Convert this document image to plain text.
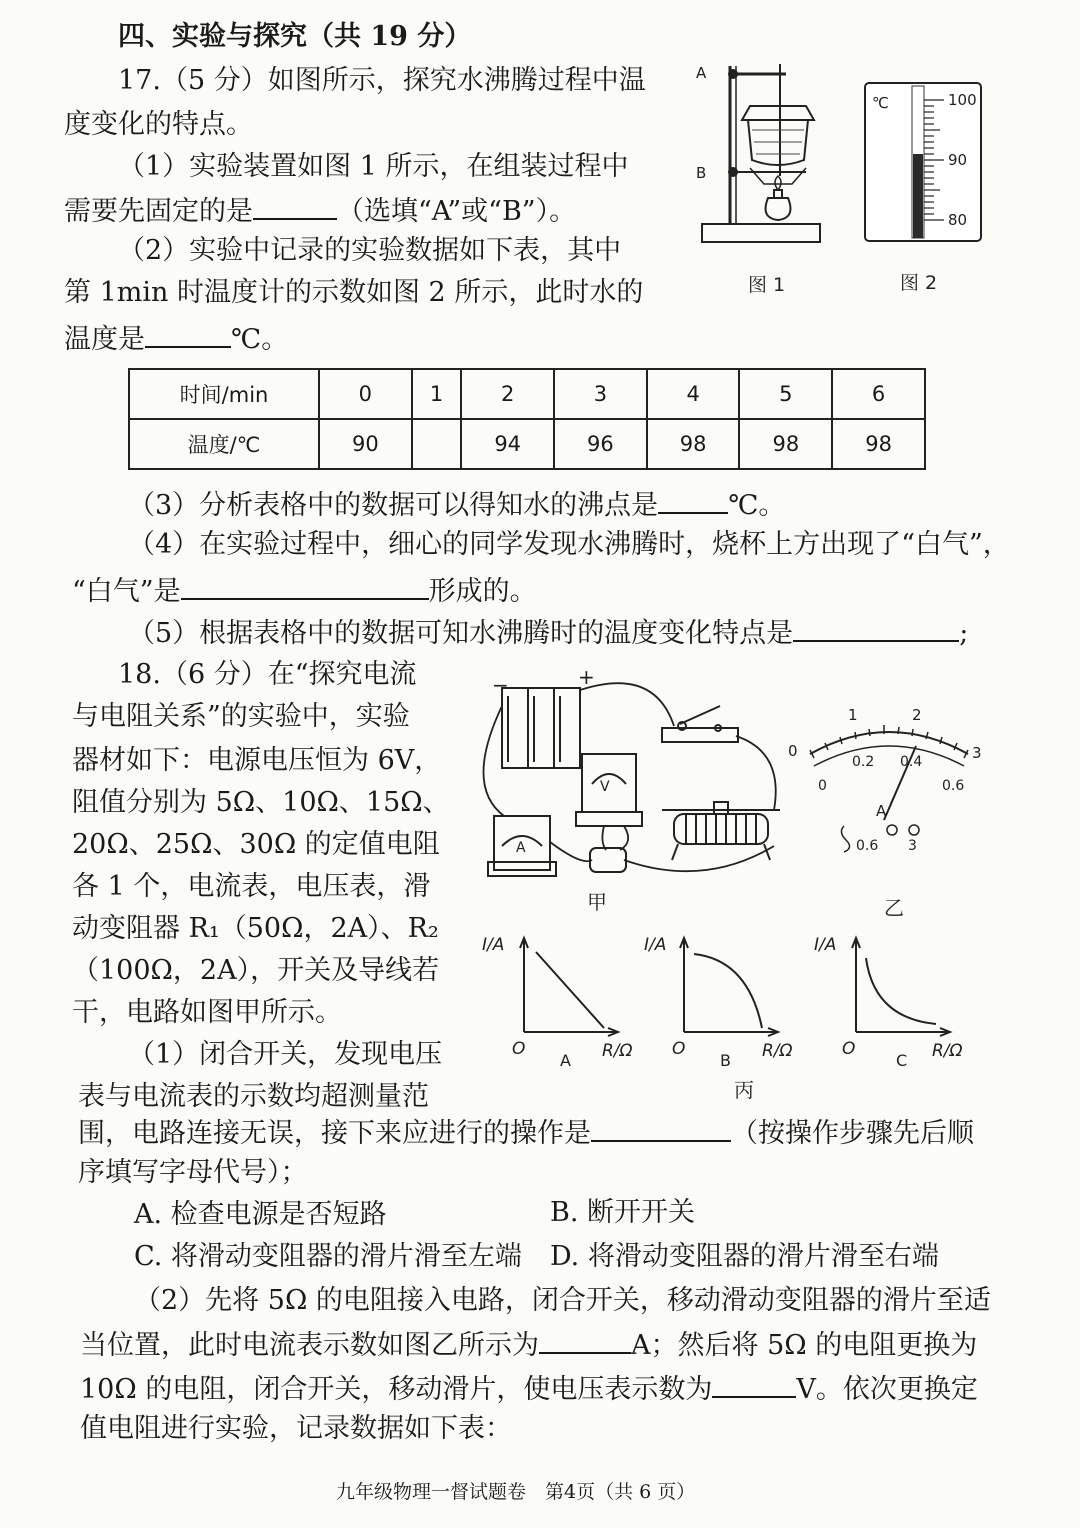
四、实验与探究（共 19 分）
17.（5 分）如图所示，探究水沸腾过程中温
度变化的特点。
（1）实验装置如图 1 所示，在组装过程中
需要先固定的是	（选填“A”或“B”）。
（2）实验中记录的实验数据如下表，其中
第 1min 时温度计的示数如图 2 所示，此时水的
温度是	℃。
A
B
图 1
℃	100
90
80
图 2
时间/min	0	1	2	3	4	5	6
温度/℃	90		94	96	98	98	98
（3）分析表格中的数据可以得知水的沸点是	℃。
（4）在实验过程中，细心的同学发现水沸腾时，烧杯上方出现了“白气”，
“白气”是	形成的。
（5）根据表格中的数据可知水沸腾时的温度变化特点是	;
18.（6 分）在“探究电流
与电阻关系”的实验中，实验
器材如下：电源电压恒为 6V，
阻值分别为 5Ω、10Ω、15Ω、
20Ω、25Ω、30Ω 的定值电阻
各 1 个，电流表，电压表，滑
动变阻器 R₁（50Ω，2A）、R₂
（100Ω，2A），开关及导线若
干，电路如图甲所示。
（1）闭合开关，发现电压
表与电流表的示数均超测量范
−	+
V
A
甲
0
1	2
3
0
0.2 0.4
0.6
A
0.6 3
乙
I/A
O	R/Ω
A
I/A
O	R/Ω
B
I/A
O	R/Ω
C
丙
围，电路连接无误，接下来应进行的操作是	（按操作步骤先后顺
序填写字母代号）；
A. 检查电源是否短路	B. 断开开关
C. 将滑动变阻器的滑片滑至左端 D. 将滑动变阻器的滑片滑至右端
（2）先将 5Ω 的电阻接入电路，闭合开关，移动滑动变阻器的滑片至适
当位置，此时电流表示数如图乙所示为	A；然后将 5Ω 的电阻更换为
10Ω 的电阻，闭合开关，移动滑片，使电压表示数为	V。依次更换定
值电阻进行实验，记录数据如下表：
九年级物理一督试题卷　第4页（共 6 页）
